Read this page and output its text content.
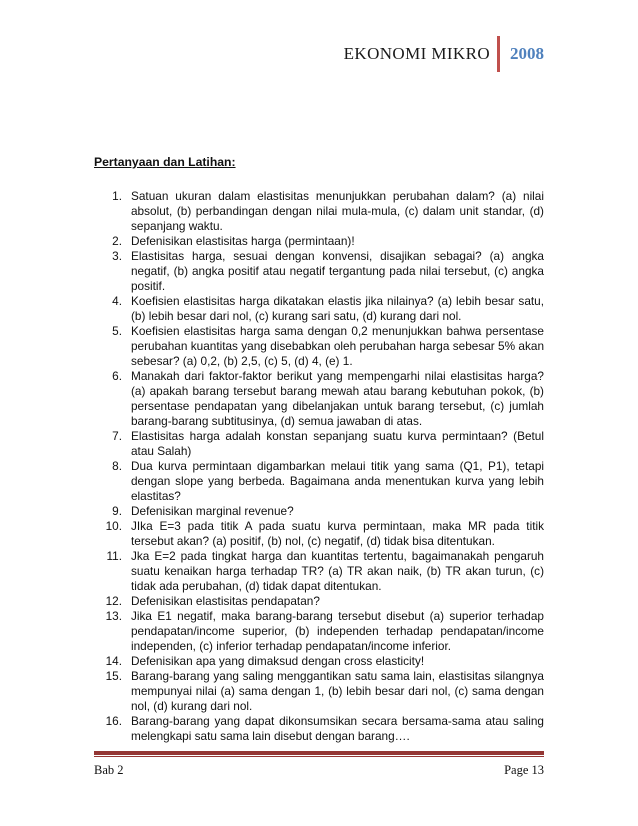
EKONOMI MIKRO	2008
Pertanyaan dan Latihan:
1. Satuan ukuran dalam elastisitas menunjukkan perubahan dalam? (a) nilai absolut, (b) perbandingan dengan nilai mula-mula, (c) dalam unit standar, (d) sepanjang waktu.
2. Defenisikan elastisitas harga (permintaan)!
3. Elastisitas harga, sesuai dengan konvensi, disajikan sebagai? (a) angka negatif, (b) angka positif atau negatif tergantung pada nilai tersebut, (c) angka positif.
4. Koefisien elastisitas harga dikatakan elastis jika nilainya? (a) lebih besar satu, (b) lebih besar dari nol, (c) kurang sari satu, (d) kurang dari nol.
5. Koefisien elastisitas harga sama dengan 0,2 menunjukkan bahwa persentase perubahan kuantitas yang disebabkan oleh perubahan harga sebesar 5% akan sebesar? (a) 0,2, (b) 2,5, (c) 5, (d) 4, (e) 1.
6. Manakah dari faktor-faktor berikut yang mempengarhi nilai elastisitas harga? (a) apakah barang tersebut barang mewah atau barang kebutuhan pokok, (b) persentase pendapatan yang dibelanjakan untuk barang tersebut, (c) jumlah barang-barang subtitusinya, (d) semua jawaban di atas.
7. Elastisitas harga adalah konstan sepanjang suatu kurva permintaan? (Betul atau Salah)
8. Dua kurva permintaan digambarkan melaui titik yang sama (Q1, P1), tetapi dengan slope yang berbeda. Bagaimana anda menentukan kurva yang lebih elastitas?
9. Defenisikan marginal revenue?
10. JIka E=3 pada titik A pada suatu kurva permintaan, maka MR pada titik tersebut akan? (a) positif, (b) nol, (c) negatif, (d) tidak bisa ditentukan.
11. Jka E=2 pada tingkat harga dan kuantitas tertentu, bagaimanakah pengaruh suatu kenaikan harga terhadap TR? (a) TR akan naik, (b) TR akan turun, (c) tidak ada perubahan, (d) tidak dapat ditentukan.
12. Defenisikan elastisitas pendapatan?
13. Jika E1 negatif, maka barang-barang tersebut disebut (a) superior terhadap pendapatan/income superior, (b) independen terhadap pendapatan/income independen, (c) inferior terhadap pendapatan/income inferior.
14. Defenisikan apa yang dimaksud dengan cross elasticity!
15. Barang-barang yang saling menggantikan satu sama lain, elastisitas silangnya mempunyai nilai (a) sama dengan 1, (b) lebih besar dari nol, (c) sama dengan nol, (d) kurang dari nol.
16. Barang-barang yang dapat dikonsumsikan secara bersama-sama atau saling melengkapi satu sama lain disebut dengan barang….
Bab 2	Page 13
